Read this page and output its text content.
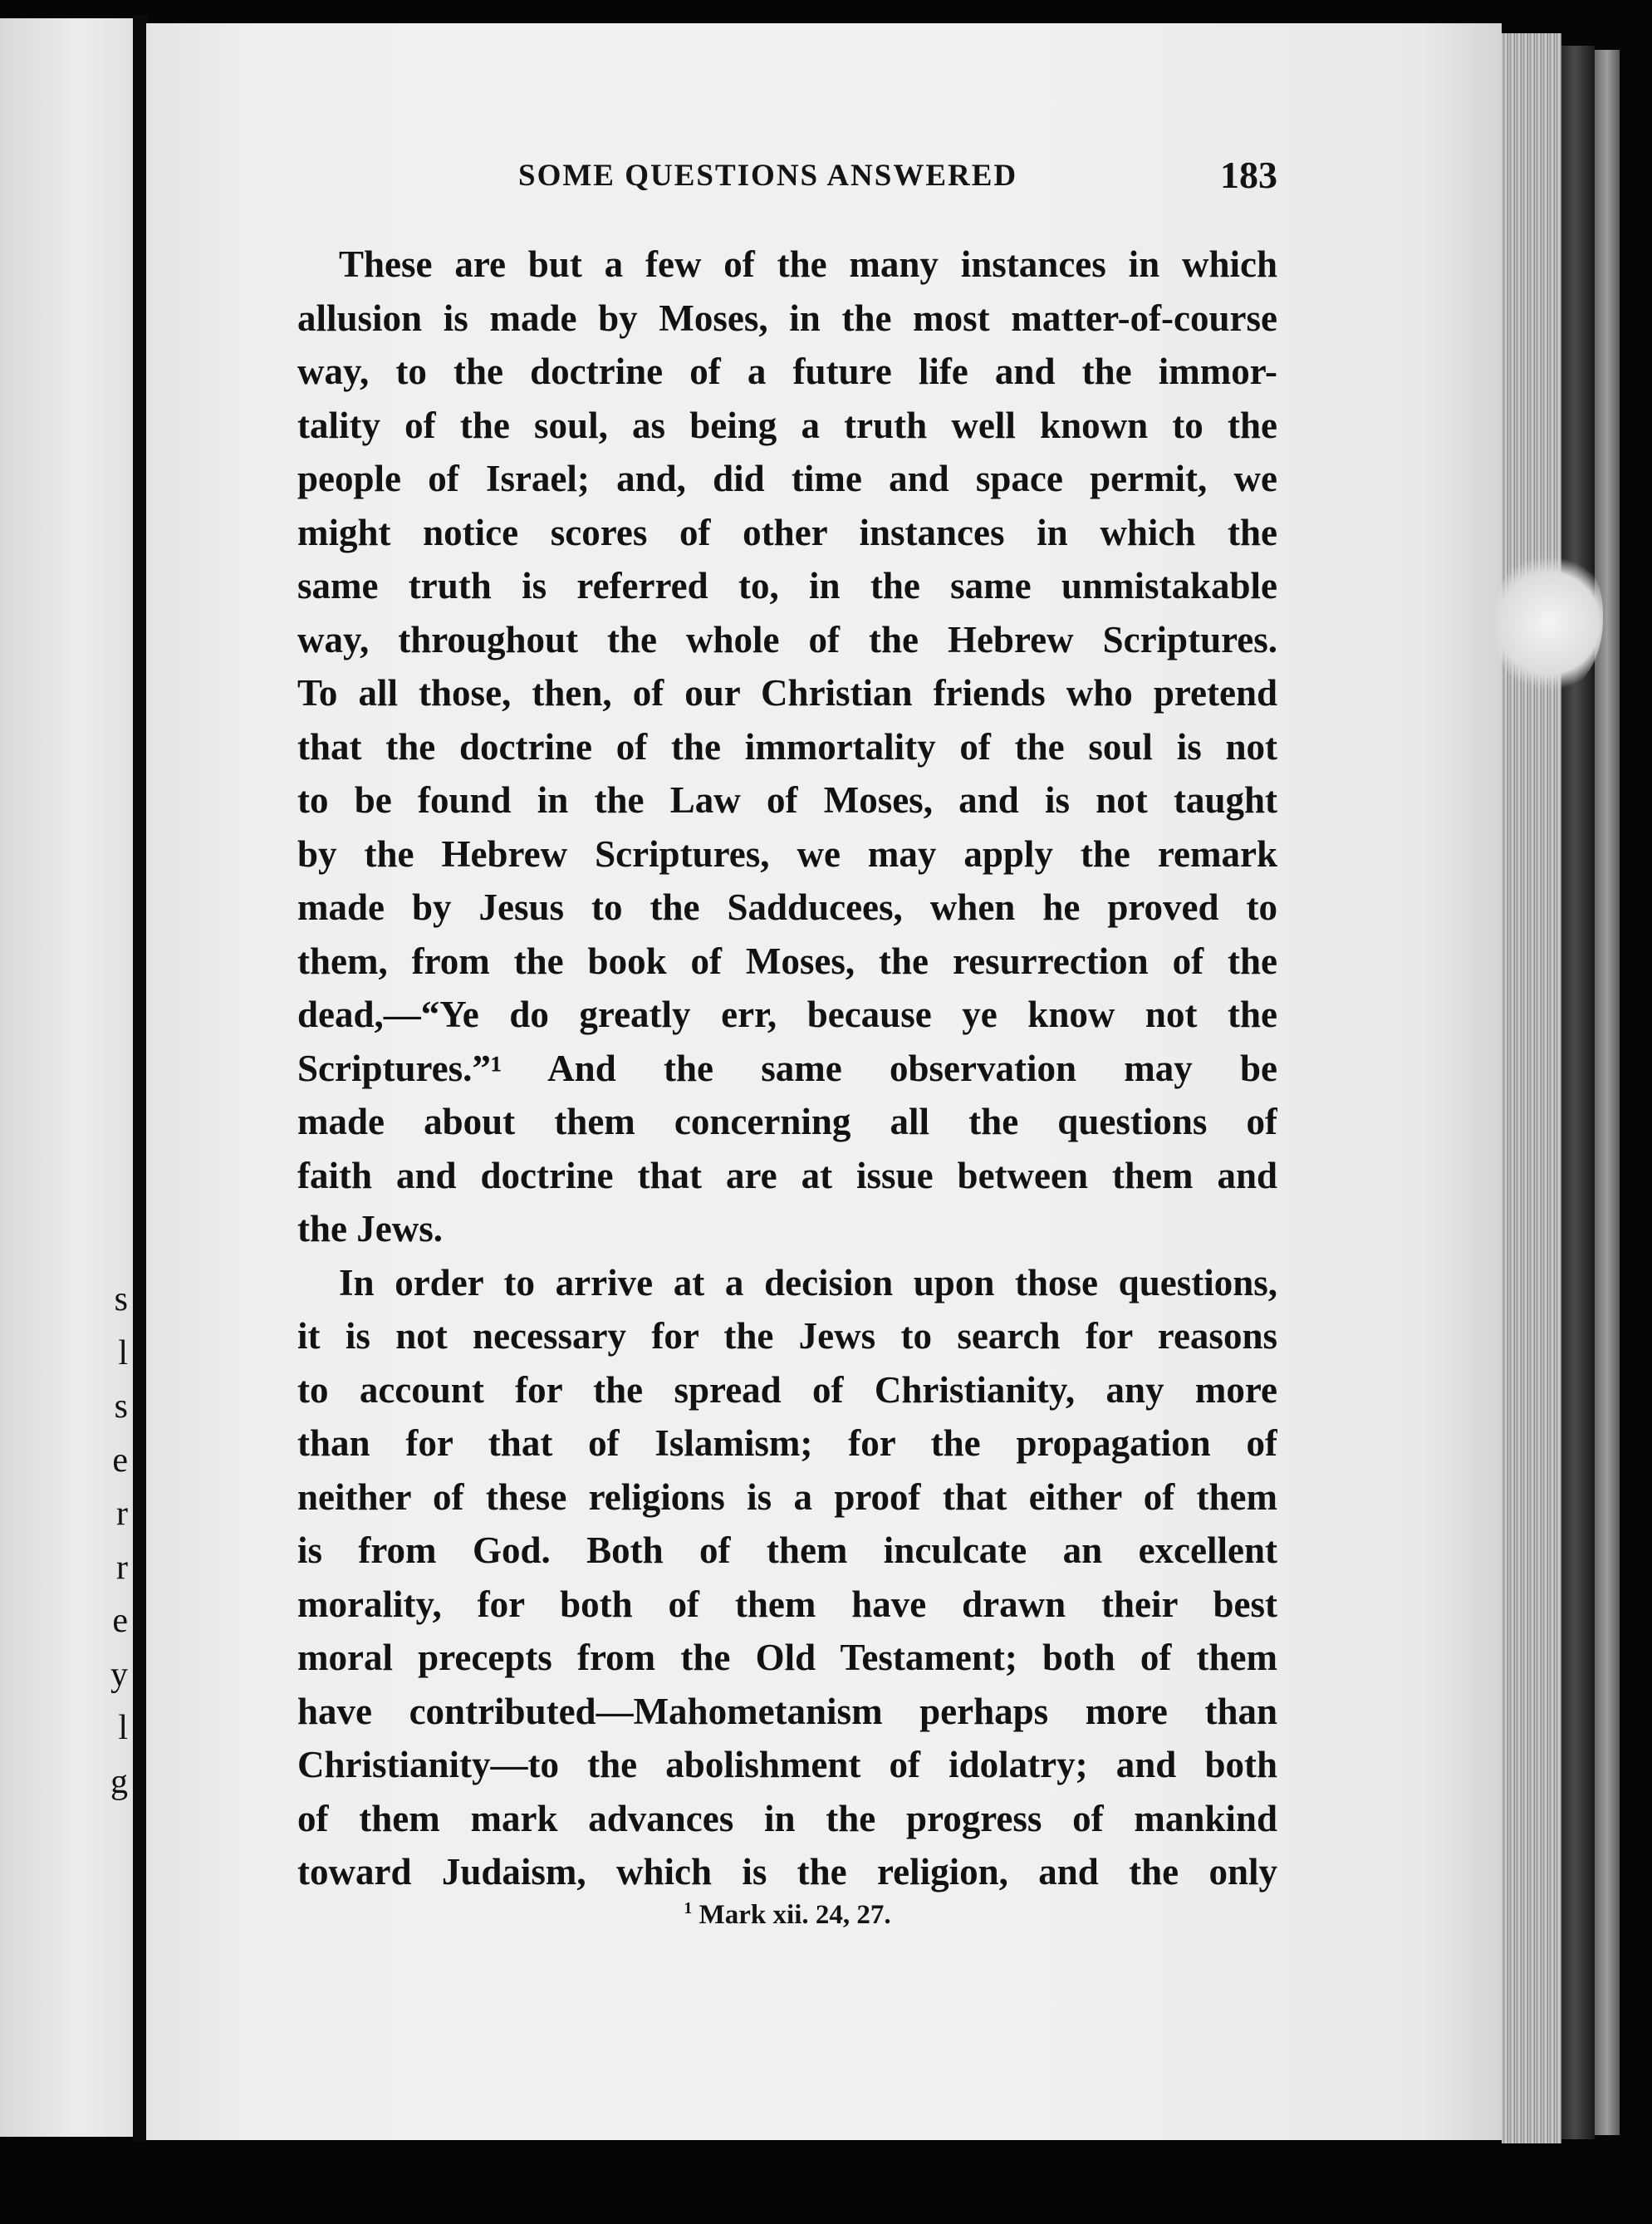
s
l
s
e
r
r
e
y
l
g
SOME QUESTIONS ANSWERED	183
These are but a few of the many instances in which
allusion is made by Moses, in the most matter-of-course
way, to the doctrine of a future life and the immor-
tality of the soul, as being a truth well known to the
people of Israel; and, did time and space permit, we
might notice scores of other instances in which the
same truth is referred to, in the same unmistakable
way, throughout the whole of the Hebrew Scriptures.
To all those, then, of our Christian friends who pretend
that the doctrine of the immortality of the soul is not
to be found in the Law of Moses, and is not taught
by the Hebrew Scriptures, we may apply the remark
made by Jesus to the Sadducees, when he proved to
them, from the book of Moses, the resurrection of the
dead,—“Ye do greatly err, because ye know not the
Scriptures.”¹ And the same observation may be
made about them concerning all the questions of
faith and doctrine that are at issue between them and
the Jews.
In order to arrive at a decision upon those questions,
it is not necessary for the Jews to search for reasons
to account for the spread of Christianity, any more
than for that of Islamism; for the propagation of
neither of these religions is a proof that either of them
is from God. Both of them inculcate an excellent
morality, for both of them have drawn their best
moral precepts from the Old Testament; both of them
have contributed—Mahometanism perhaps more than
Christianity—to the abolishment of idolatry; and both
of them mark advances in the progress of mankind
toward Judaism, which is the religion, and the only
$^1$ Mark xii. 24, 27.
